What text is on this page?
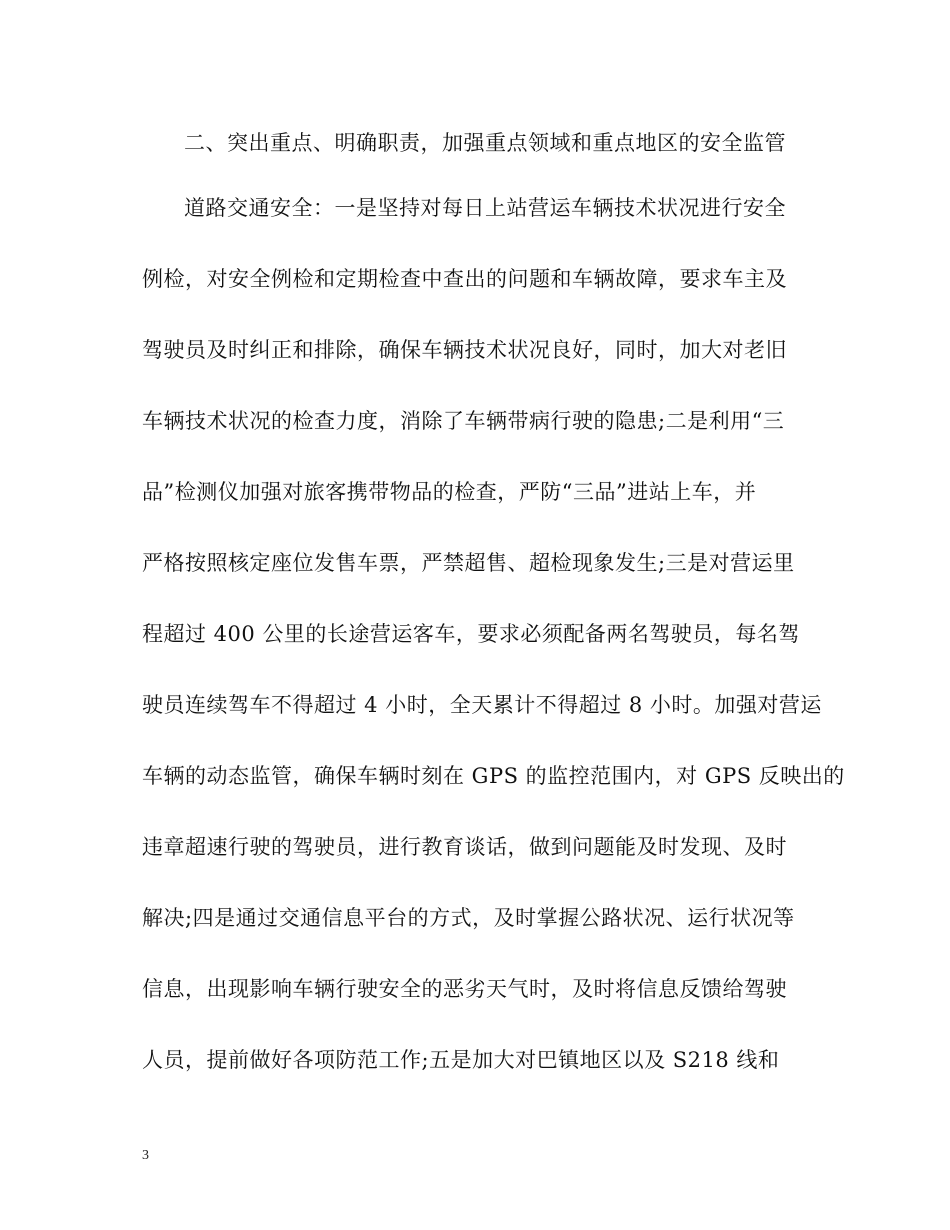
二、突出重点、明确职责，加强重点领域和重点地区的安全监管
道路交通安全：一是坚持对每日上站营运车辆技术状况进行安全
例检，对安全例检和定期检查中查出的问题和车辆故障，要求车主及
驾驶员及时纠正和排除，确保车辆技术状况良好，同时，加大对老旧
车辆技术状况的检查力度，消除了车辆带病行驶的隐患;二是利用“三
品”检测仪加强对旅客携带物品的检查，严防“三品”进站上车，并
严格按照核定座位发售车票，严禁超售、超检现象发生;三是对营运里
程超过 400 公里的长途营运客车，要求必须配备两名驾驶员，每名驾
驶员连续驾车不得超过 4 小时，全天累计不得超过 8 小时。加强对营运
车辆的动态监管，确保车辆时刻在 GPS 的监控范围内，对 GPS 反映出的
违章超速行驶的驾驶员，进行教育谈话，做到问题能及时发现、及时
解决;四是通过交通信息平台的方式，及时掌握公路状况、运行状况等
信息，出现影响车辆行驶安全的恶劣天气时，及时将信息反馈给驾驶
人员，提前做好各项防范工作;五是加大对巴镇地区以及 S218 线和
3
